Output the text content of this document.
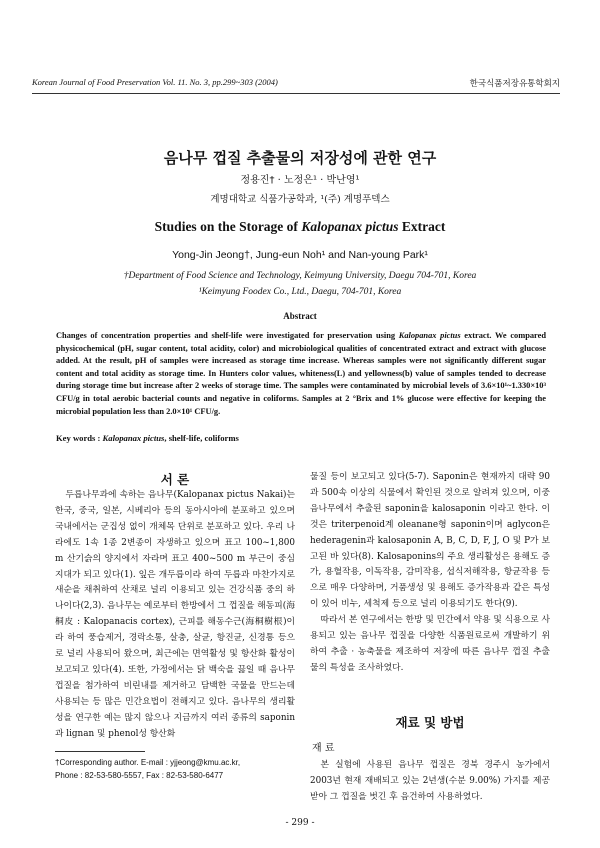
Korean Journal of Food Preservation Vol. 11. No. 3, pp.299~303 (2004)	한국식품저장유통학회지
음나무 껍질 추출물의 저장성에 관한 연구
정용진† · 노정은¹ · 박난영¹
계명대학교 식품가공학과, ¹(주) 계명푸덱스
Studies on the Storage of Kalopanax pictus Extract
Yong-Jin Jeong†, Jung-eun Noh¹ and Nan-young Park¹
†Department of Food Science and Technology, Keimyung University, Daegu 704-701, Korea
¹Keimyung Foodex Co., Ltd., Daegu, 704-701, Korea
Abstract
Changes of concentration properties and shelf-life were investigated for preservation using Kalopanax pictus extract. We compared physicochemical (pH, sugar content, total acidity, color) and microbiological qualities of concentrated extract and extract with glucose added. At the result, pH of samples were increased as storage time increase. Whereas samples were not significantly different sugar content and total acidity as storage time. In Hunters color values, whiteness(L) and yellowness(b) value of samples tended to decrease during storage time but increase after 2 weeks of storage time. The samples were contaminated by microbial levels of 3.6×10¹~1.330×10³ CFU/g in total aerobic bacterial counts and negative in coliforms. Samples at 2 °Brix and 1% glucose were effective for keeping the microbial population less than 2.0×10¹ CFU/g.
Key words : Kalopanax pictus, shelf-life, coliforms
서 론

두릅나무과에 속하는 음나무(Kalopanax pictus Nakai)는 한국, 중국, 일본, 시베리아 등의 동아시아에 분포하고 있으며 국내에서는 군집성 없이 개체목 단위로 분포하고 있다. 우리 나라에도 1속 1종 2변종이 자생하고 있으며 표고 100~1,800 m 산기슭의 양지에서 자라며 표고 400~500 m 부근이 중심 지대가 되고 있다(1). 잎은 개두릅이라 하여 두릅과 마찬가지로 새순을 채취하여 산채로 널리 이용되고 있는 건강식품 중의 하나이다(2,3). 음나무는 예로부터 한방에서 그 껍질을 해동피(海桐皮 : Kalopanacis cortex), 근피를 해동수근(海桐樹根)이라 하여 풍습제거, 경락소통, 살충, 살균, 항진균, 신경통 등으로 널리 사용되어 왔으며, 최근에는 면역활성 및 항산화 활성이 보고되고 있다(4). 또한, 가정에서는 닭 백숙을 끓일 때 음나무 껍질을 첨가하여 비린내를 제거하고 담백한 국물을 만드는데 사용되는 등 많은 민간요법이 전해지고 있다. 음나무의 생리활성을 연구한 예는 많지 않으나 지금까지 여러 종류의 saponin과 lignan 및 phenol성 항산화

물질 등이 보고되고 있다(5-7). Saponin은 현재까지 대략 90과 500속 이상의 식물에서 확인된 것으로 알려져 있으며, 이중 음나무에서 추출된 saponin을 kalosaponin 이라고 한다. 이것은 triterpenoid계 oleanane형 saponin이며 aglycon은 hederagenin과 kalosaponin A, B, C, D, F, J, O 및 P가 보고된 바 있다(8). Kalosaponins의 주요 생리활성은 용해도 증가, 용혈작용, 이독작용, 감미작용, 섭식저해작용, 항균작용 등으로 매우 다양하며, 거품생성 및 용해도 증가작용과 같은 특성이 있어 비누, 세척제 등으로 널리 이용되기도 한다(9).

따라서 본 연구에서는 한방 및 민간에서 약용 및 식용으로 사용되고 있는 음나무 껍질을 다양한 식품원료로써 개발하기 위하여 추출 · 농축물을 제조하여 저장에 따른 음나무 껍질 추출물의 특성을 조사하였다.

재료 및 방법
재 료

본 실험에 사용된 음나무 껍질은 경북 경주시 농가에서 2003년 현재 재배되고 있는 2년생(수분 9.00%) 가지를 제공받아 그 껍질을 벗긴 후 음건하여 사용하였다.

†Corresponding author. E-mail : yjjeong@kmu.ac.kr,
Phone : 82-53-580-5557, Fax : 82-53-580-6477
- 299 -
